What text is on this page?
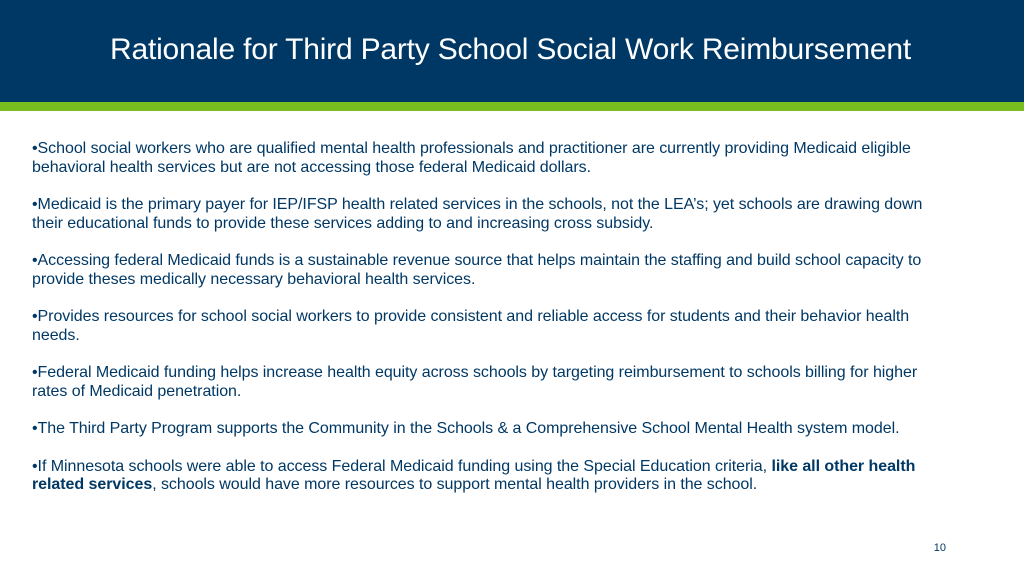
Rationale for Third Party School Social Work Reimbursement

•School social workers who are qualified mental health professionals and practitioner are currently providing Medicaid eligible behavioral health services but are not accessing those federal Medicaid dollars.

•Medicaid is the primary payer for IEP/IFSP health related services in the schools, not the LEA’s; yet schools are drawing down their educational funds to provide these services adding to and increasing cross subsidy.

•Accessing federal Medicaid funds is a sustainable revenue source that helps maintain the staffing and build school capacity to provide theses medically necessary behavioral health services.

•Provides resources for school social workers to provide consistent and reliable access for students and their behavior health needs.

•Federal Medicaid funding helps increase health equity across schools by targeting reimbursement to schools billing for higher rates of Medicaid penetration.

•The Third Party Program supports the Community in the Schools & a Comprehensive School Mental Health system model.

•If Minnesota schools were able to access Federal Medicaid funding using the Special Education criteria, like all other health related services, schools would have more resources to support mental health providers in the school.

10
